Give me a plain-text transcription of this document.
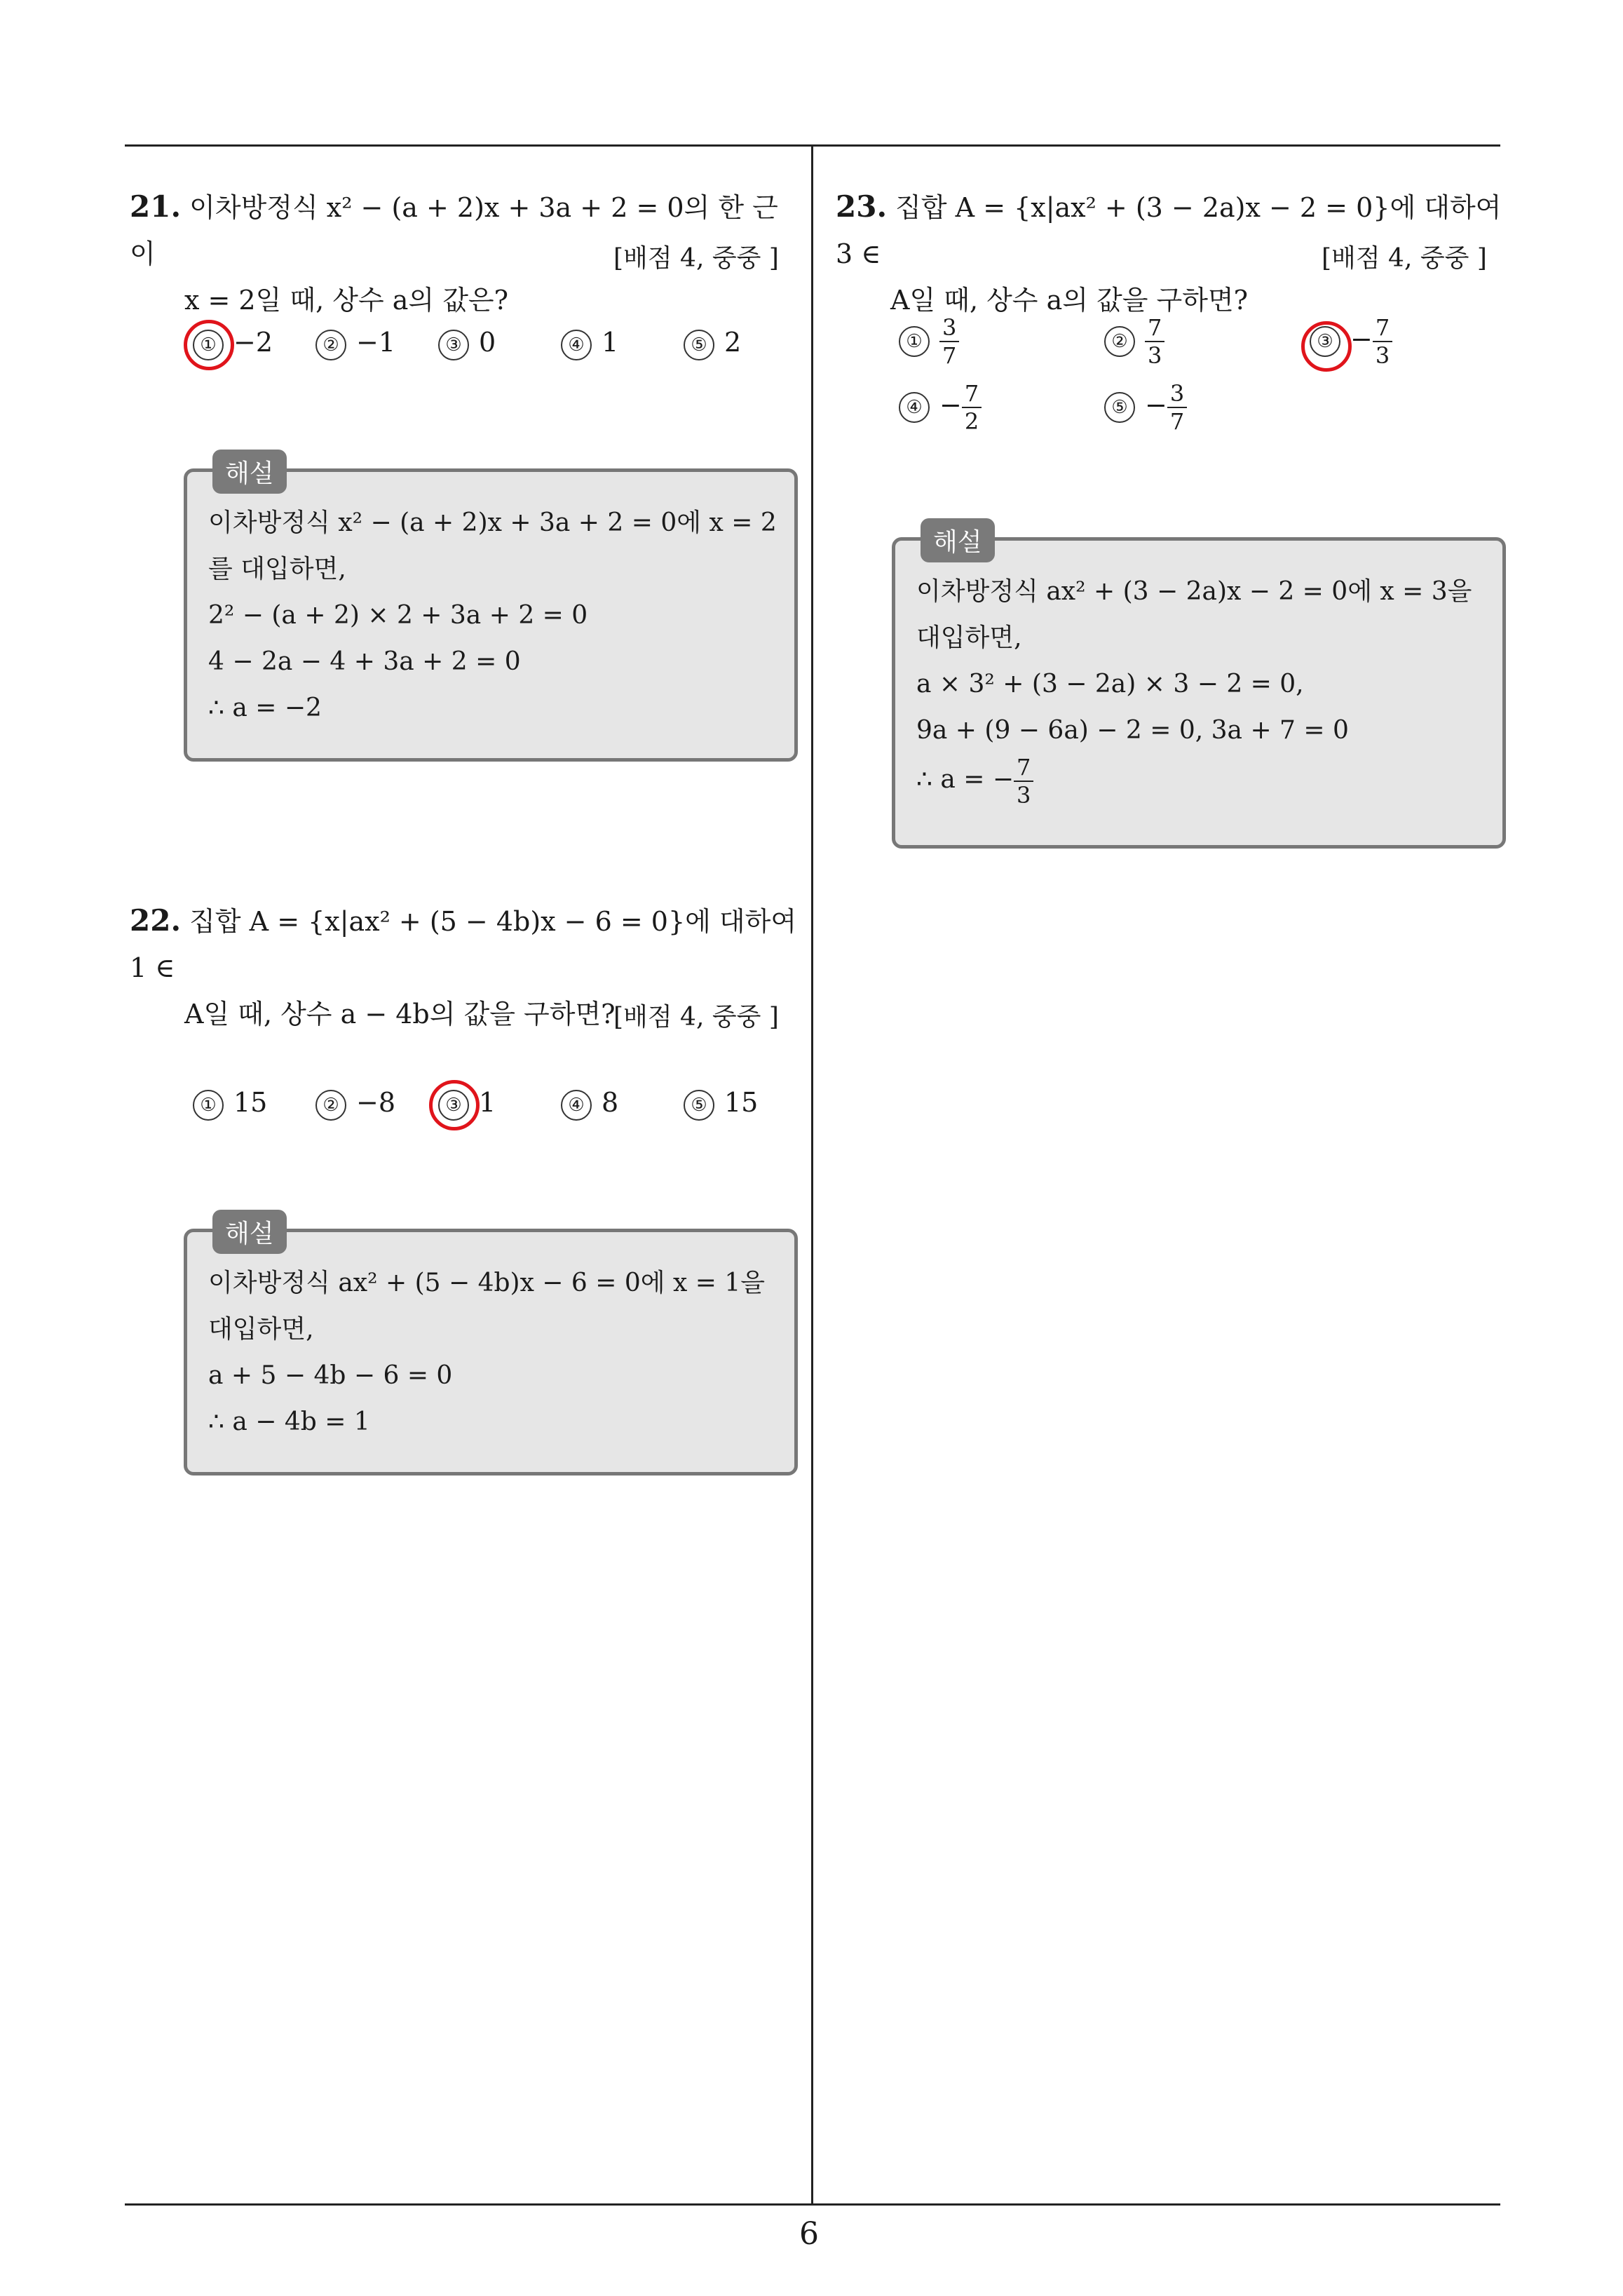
21. 이차방정식 x² − (a + 2)x + 3a + 2 = 0의 한 근이
x = 2일 때, 상수 a의 값은?
[배점 4, 중중 ]
① −2	② −1	③ 0	④ 1	⑤ 2
해설
이차방정식 x² − (a + 2)x + 3a + 2 = 0에 x = 2
를 대입하면,
2² − (a + 2) × 2 + 3a + 2 = 0
4 − 2a − 4 + 3a + 2 = 0
∴ a = −2
22. 집합 A = {x|ax² + (5 − 4b)x − 6 = 0}에 대하여 1 ∈
A일 때, 상수 a − 4b의 값을 구하면?
[배점 4, 중중 ]
① 15	② −8	③ 1	④ 8	⑤ 15
해설
이차방정식 ax² + (5 − 4b)x − 6 = 0에 x = 1을
대입하면,
a + 5 − 4b − 6 = 0
∴ a − 4b = 1
23. 집합 A = {x|ax² + (3 − 2a)x − 2 = 0}에 대하여 3 ∈
A일 때, 상수 a의 값을 구하면?
[배점 4, 중중 ]
① $\frac{3}{7}$	② $\frac{7}{3}$	③ − $\frac{7}{3}$
④ − $\frac{7}{2}$	⑤ − $\frac{3}{7}$
해설
이차방정식 ax² + (3 − 2a)x − 2 = 0에 x = 3을
대입하면,
a × 3² + (3 − 2a) × 3 − 2 = 0,
9a + (9 − 6a) − 2 = 0, 3a + 7 = 0
∴ a = − $\frac{7}{3}$
6
